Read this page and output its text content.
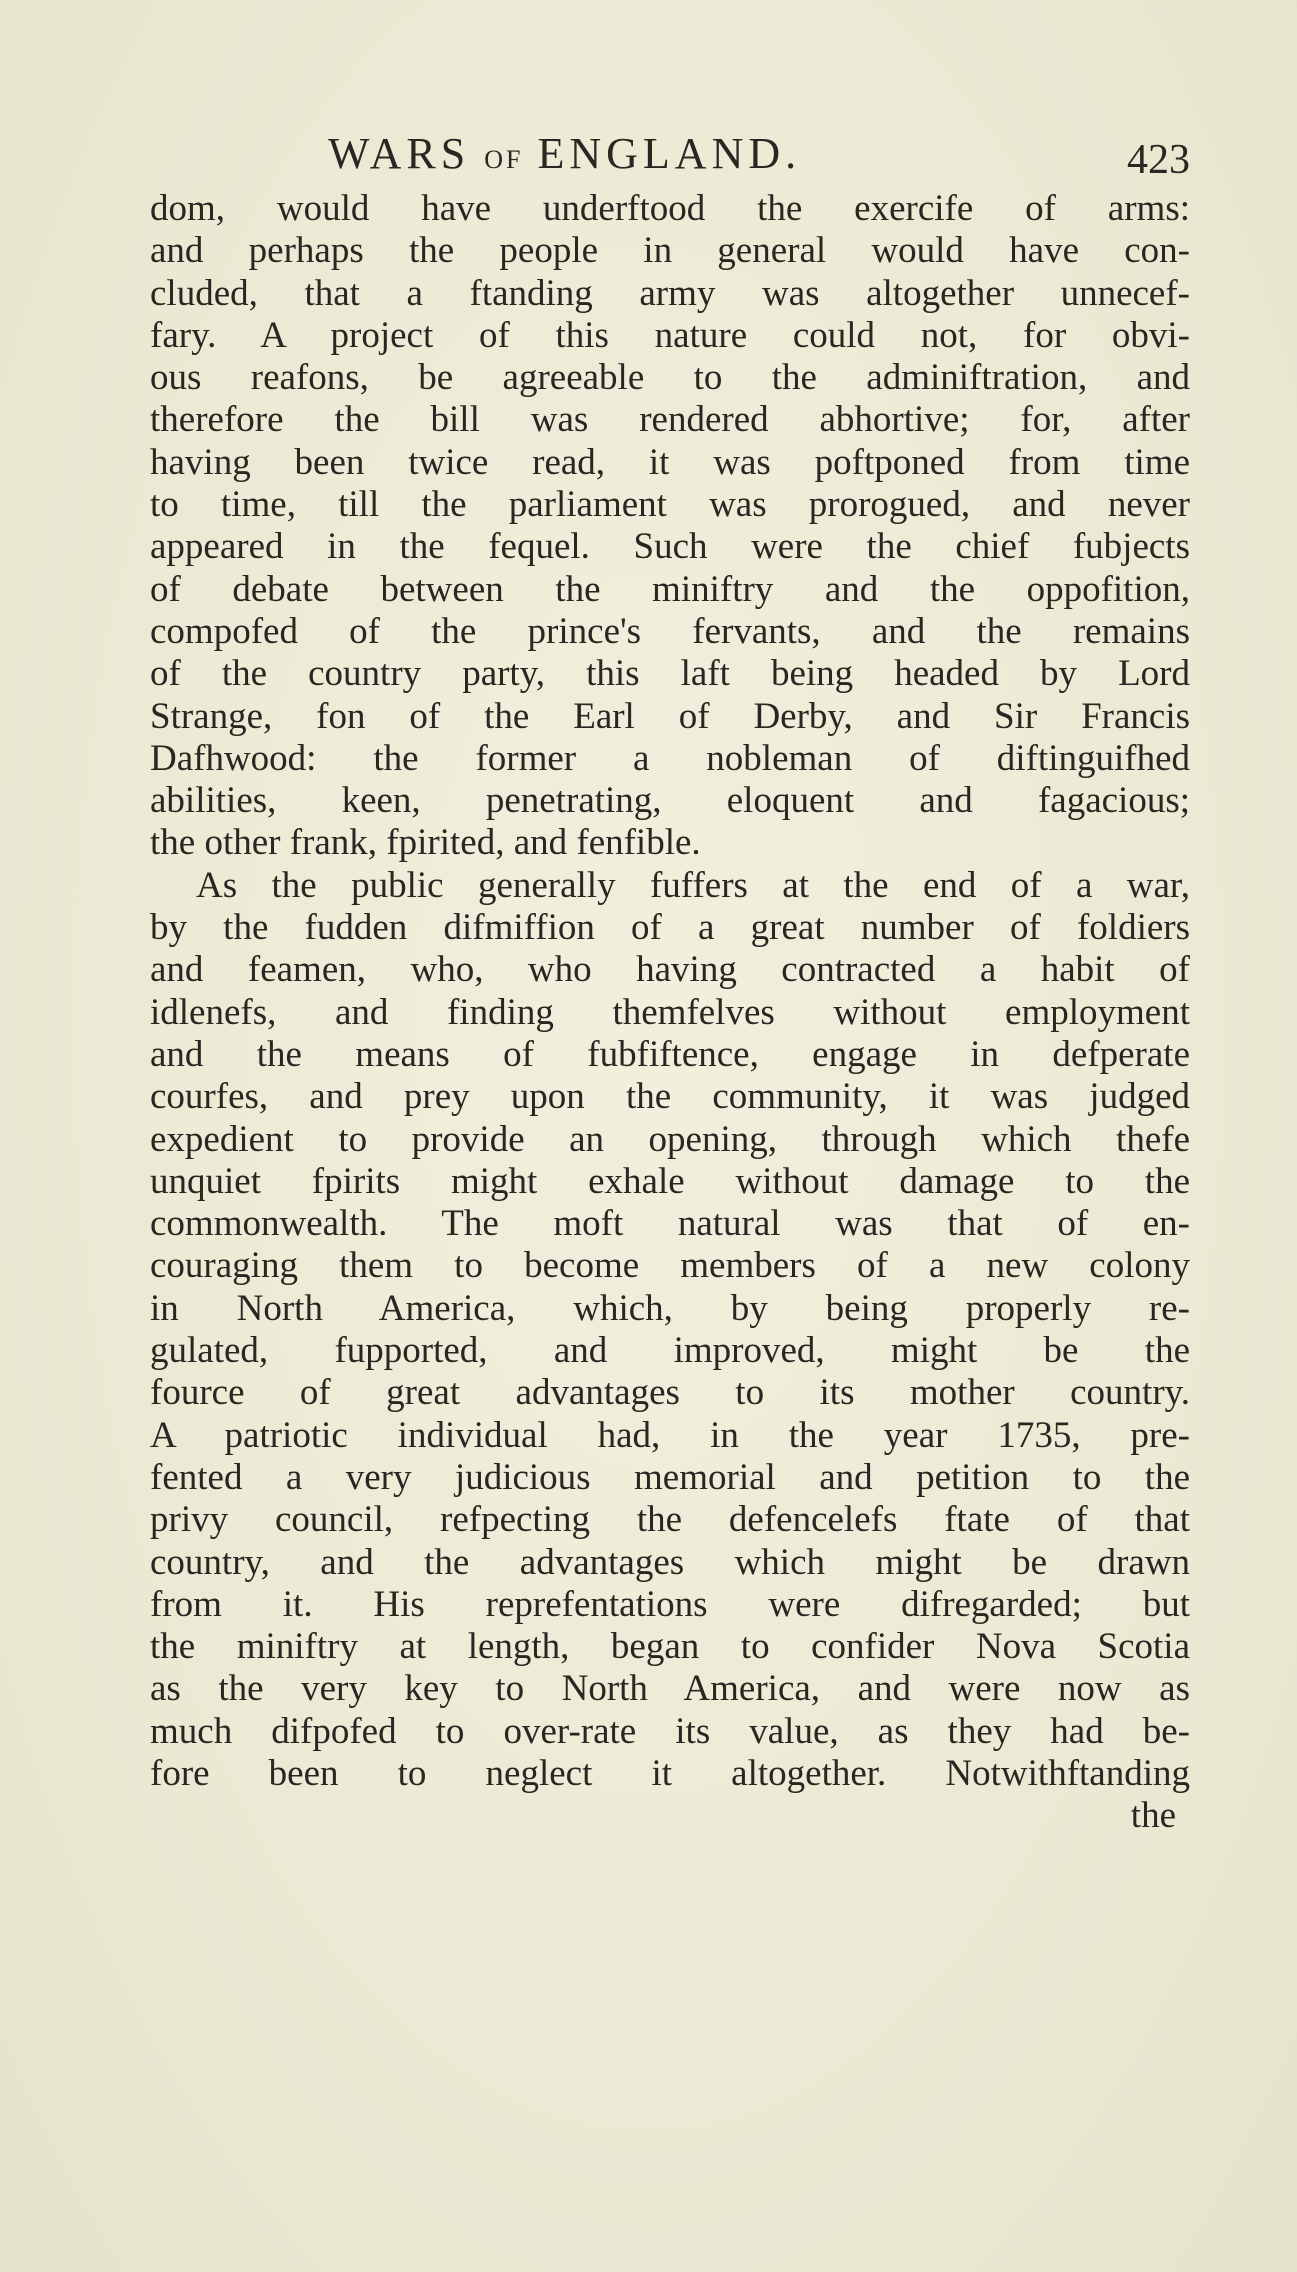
WARS OF ENGLAND.	423
dom, would have underftood the exercife of arms:
and perhaps the people in general would have con-
cluded, that a ftanding army was altogether unnecef-
fary. A project of this nature could not, for obvi-
ous reafons, be agreeable to the adminiftration, and
therefore the bill was rendered abhortive; for, after
having been twice read, it was poftponed from time
to time, till the parliament was prorogued, and never
appeared in the fequel. Such were the chief fubjects
of debate between the miniftry and the oppofition,
compofed of the prince's fervants, and the remains
of the country party, this laft being headed by Lord
Strange, fon of the Earl of Derby, and Sir Francis
Dafhwood: the former a nobleman of diftinguifhed
abilities, keen, penetrating, eloquent and fagacious;
the other frank, fpirited, and fenfible.
As the public generally fuffers at the end of a war,
by the fudden difmiffion of a great number of foldiers
and feamen, who, who having contracted a habit of
idlenefs, and finding themfelves without employment
and the means of fubfiftence, engage in defperate
courfes, and prey upon the community, it was judged
expedient to provide an opening, through which thefe
unquiet fpirits might exhale without damage to the
commonwealth. The moft natural was that of en-
couraging them to become members of a new colony
in North America, which, by being properly re-
gulated, fupported, and improved, might be the
fource of great advantages to its mother country.
A patriotic individual had, in the year 1735, pre-
fented a very judicious memorial and petition to the
privy council, refpecting the defencelefs ftate of that
country, and the advantages which might be drawn
from it. His reprefentations were difregarded; but
the miniftry at length, began to confider Nova Scotia
as the very key to North America, and were now as
much difpofed to over-rate its value, as they had be-
fore been to neglect it altogether. Notwithftanding
the
